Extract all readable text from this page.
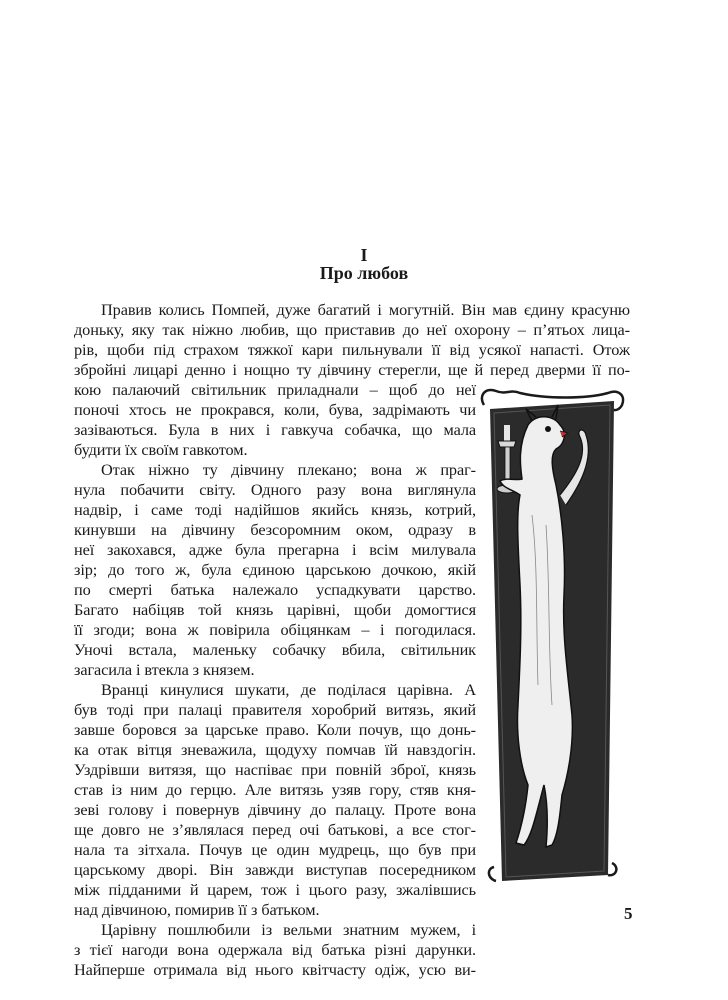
I
Про любов
Правив колись Помпей, дуже багатий і могутній. Він мав єдину красуню
доньку, яку так ніжно любив, що приставив до неї охорону – п’ятьох лица-
рів, щоби під страхом тяжкої кари пильнували її від усякої напасті. Отож
збройні лицарі денно і нощно ту дівчину стерегли, ще й перед дверми її по-
кою палаючий світильник приладнали – щоб до неї
поночі хтось не прокрався, коли, бува, задрімають чи
зазіваються. Була в них і гавкуча собачка, що мала
будити їх своїм гавкотом.
Отак ніжно ту дівчину плекано; вона ж праг-
нула побачити світу. Одного разу вона виглянула
надвір, і саме тоді надійшов якийсь князь, котрий,
кинувши на дівчину безсоромним оком, одразу в
неї закохався, адже була прегарна і всім милувала
зір; до того ж, була єдиною царською дочкою, якій
по смерті батька належало успадкувати царство.
Багато набіцяв той князь царівні, щоби домогтися
її згоди; вона ж повірила обіцянкам – і погодилася.
Уночі встала, маленьку собачку вбила, світильник
загасила і втекла з князем.
Вранці кинулися шукати, де поділася царівна. А
був тоді при палаці правителя хоробрий витязь, який
завше боровся за царське право. Коли почув, що донь-
ка отак вітця зневажила, щодуху помчав їй навздогін.
Уздрівши витязя, що наспіває при повній зброї, князь
став із ним до герцю. Але витязь узяв гору, стяв кня-
зеві голову і повернув дівчину до палацу. Проте вона
ще довго не з’являлася перед очі батькові, а все стог-
нала та зітхала. Почув це один мудрець, що був при
царському дворі. Він завжди виступав посередником
між підданими й царем, тож і цього разу, зжалівшись
над дівчиною, помирив її з батьком.
Царівну пошлюбили із вельми знатним мужем, і
з тієї нагоди вона одержала від батька різні дарунки.
Найперше отримала від нього квітчасту одіж, усю ви-
5
